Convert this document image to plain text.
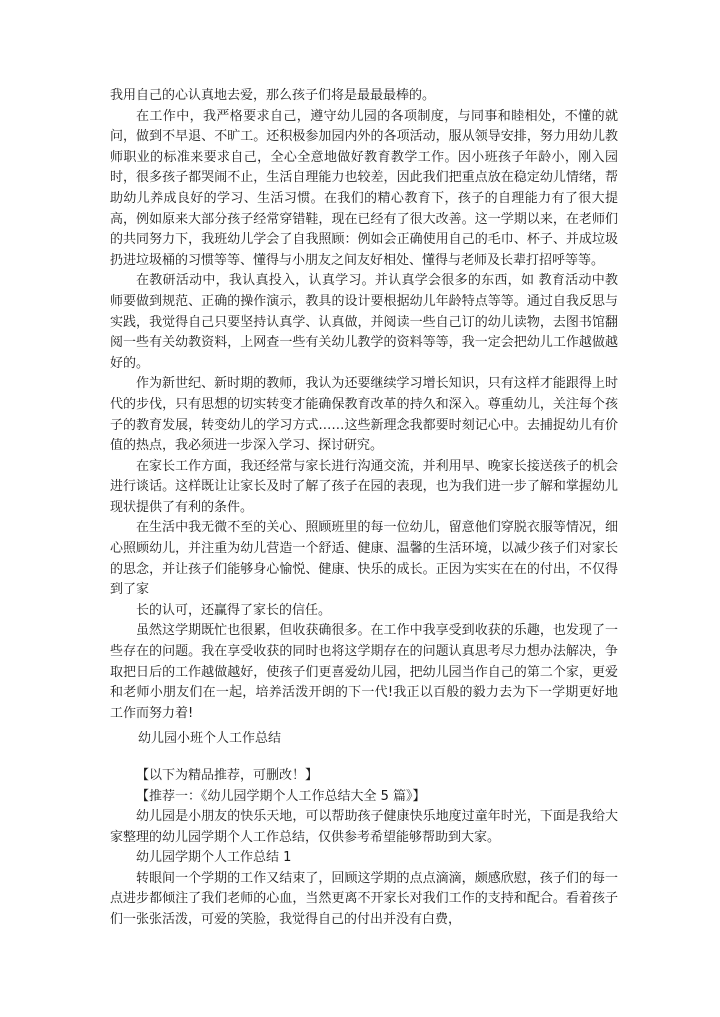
我用自己的心认真地去爱，那么孩子们将是最最最棒的。

在工作中，我严格要求自己，遵守幼儿园的各项制度，与同事和睦相处，不懂的就问，做到不早退、不旷工。还积极参加园内外的各项活动，服从领导安排，努力用幼儿教师职业的标准来要求自己，全心全意地做好教育教学工作。因小班孩子年龄小，刚入园时，很多孩子都哭闹不止，生活自理能力也较差，因此我们把重点放在稳定幼儿情绪，帮助幼儿养成良好的学习、生活习惯。在我们的精心教育下，孩子的自理能力有了很大提高，例如原来大部分孩子经常穿错鞋，现在已经有了很大改善。这一学期以来，在老师们的共同努力下，我班幼儿学会了自我照顾：例如会正确使用自己的毛巾、杯子、并成垃圾扔进垃圾桶的习惯等等、懂得与小朋友之间友好相处、懂得与老师及长辈打招呼等等。

在教研活动中，我认真投入，认真学习。并认真学会很多的东西，如 教育活动中教师要做到规范、正确的操作演示，教具的设计要根据幼儿年龄特点等等。通过自我反思与实践，我觉得自己只要坚持认真学、认真做，并阅读一些自己订的幼儿读物，去图书馆翻阅一些有关幼教资料，上网查一些有关幼儿教学的资料等等，我一定会把幼儿工作越做越好的。

作为新世纪、新时期的教师，我认为还要继续学习增长知识，只有这样才能跟得上时代的步伐，只有思想的切实转变才能确保教育改革的持久和深入。尊重幼儿，关注每个孩子的教育发展，转变幼儿的学习方式……这些新理念我都要时刻记心中。去捕捉幼儿有价值的热点，我必须进一步深入学习、探讨研究。

在家长工作方面，我还经常与家长进行沟通交流，并利用早、晚家长接送孩子的机会进行谈话。这样既让让家长及时了解了孩子在园的表现，也为我们进一步了解和掌握幼儿现状提供了有利的条件。

在生活中我无微不至的关心、照顾班里的每一位幼儿，留意他们穿脱衣服等情况，细心照顾幼儿，并注重为幼儿营造一个舒适、健康、温馨的生活环境，以减少孩子们对家长的思念，并让孩子们能够身心愉悦、健康、快乐的成长。正因为实实在在的付出，不仅得到了家

长的认可，还赢得了家长的信任。

虽然这学期既忙也很累，但收获确很多。在工作中我享受到收获的乐趣，也发现了一些存在的问题。我在享受收获的同时也将这学期存在的问题认真思考尽力想办法解决，争取把日后的工作越做越好，使孩子们更喜爱幼儿园，把幼儿园当作自己的第二个家，更爱和老师小朋友们在一起，培养活泼开朗的下一代!我正以百般的毅力去为下一学期更好地工作而努力着!

幼儿园小班个人工作总结

【以下为精品推荐，可删改！】

【推荐一：《幼儿园学期个人工作总结大全 5 篇》】

幼儿园是小朋友的快乐天地，可以帮助孩子健康快乐地度过童年时光，下面是我给大家整理的幼儿园学期个人工作总结，仅供参考希望能够帮助到大家。

幼儿园学期个人工作总结 1

转眼间一个学期的工作又结束了，回顾这学期的点点滴滴，颇感欣慰，孩子们的每一点进步都倾注了我们老师的心血，当然更离不开家长对我们工作的支持和配合。看着孩子们一张张活泼，可爱的笑脸，我觉得自己的付出并没有白费，
